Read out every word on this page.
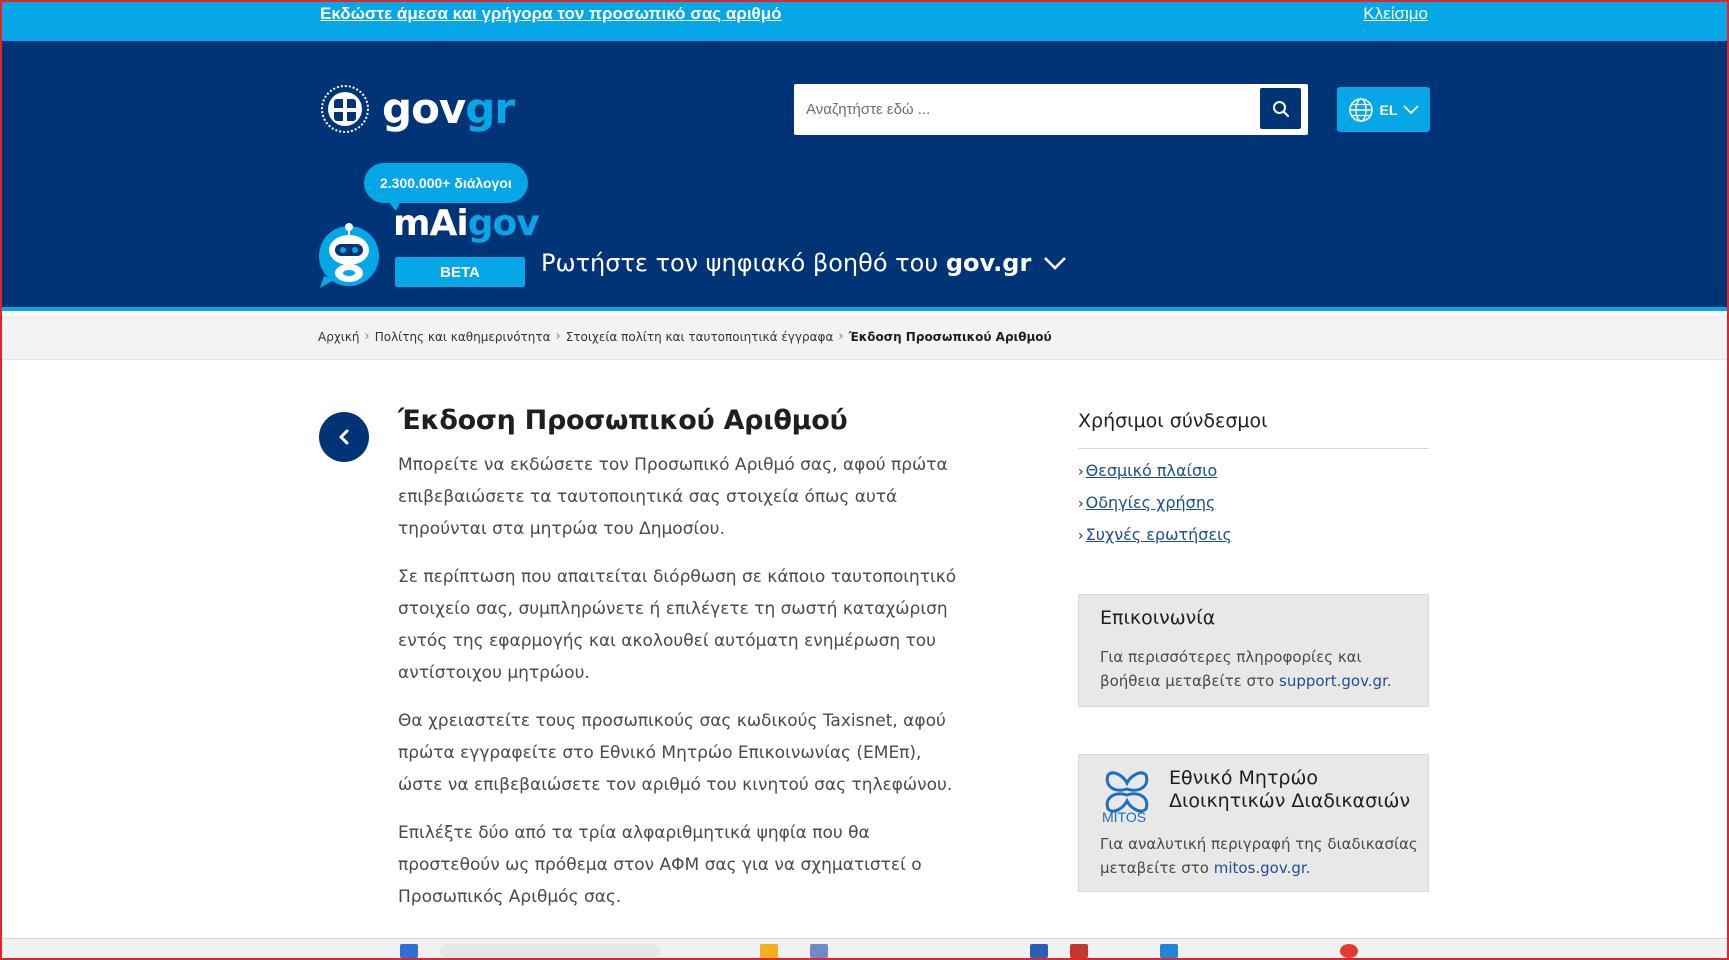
Εκδώστε άμεσα και γρήγορα τον προσωπικό σας αριθμό	Κλείσιμο
govgr
Αναζητήστε εδώ ...	EL
2.300.000+ διάλογοι
mAigov
BETA	Ρωτήστε τον ψηφιακό βοηθό του gov.gr
Αρχική › Πολίτης και καθημερινότητα › Στοιχεία πολίτη και ταυτοποιητικά έγγραφα › Έκδοση Προσωπικού Αριθμού
Έκδοση Προσωπικού Αριθμού

Μπορείτε να εκδώσετε τον Προσωπικό Αριθμό σας, αφού πρώτα επιβεβαιώσετε τα ταυτοποιητικά σας στοιχεία όπως αυτά τηρούνται στα μητρώα του Δημοσίου.

Σε περίπτωση που απαιτείται διόρθωση σε κάποιο ταυτοποιητικό στοιχείο σας, συμπληρώνετε ή επιλέγετε τη σωστή καταχώριση εντός της εφαρμογής και ακολουθεί αυτόματη ενημέρωση του αντίστοιχου μητρώου.

Θα χρειαστείτε τους προσωπικούς σας κωδικούς Taxisnet, αφού πρώτα εγγραφείτε στο Εθνικό Μητρώο Επικοινωνίας (ΕΜΕπ), ώστε να επιβεβαιώσετε τον αριθμό του κινητού σας τηλεφώνου.

Επιλέξτε δύο από τα τρία αλφαριθμητικά ψηφία που θα προστεθούν ως πρόθεμα στον ΑΦΜ σας για να σχηματιστεί ο Προσωπικός Αριθμός σας.

Χρήσιμοι σύνδεσμοι
› Θεσμικό πλαίσιο
› Οδηγίες χρήσης
› Συχνές ερωτήσεις
Επικοινωνία
Για περισσότερες πληροφορίες και βοήθεια μεταβείτε στο support.gov.gr.
MITOS
Εθνικό Μητρώο Διοικητικών Διαδικασιών
Για αναλυτική περιγραφή της διαδικασίας μεταβείτε στο mitos.gov.gr.
